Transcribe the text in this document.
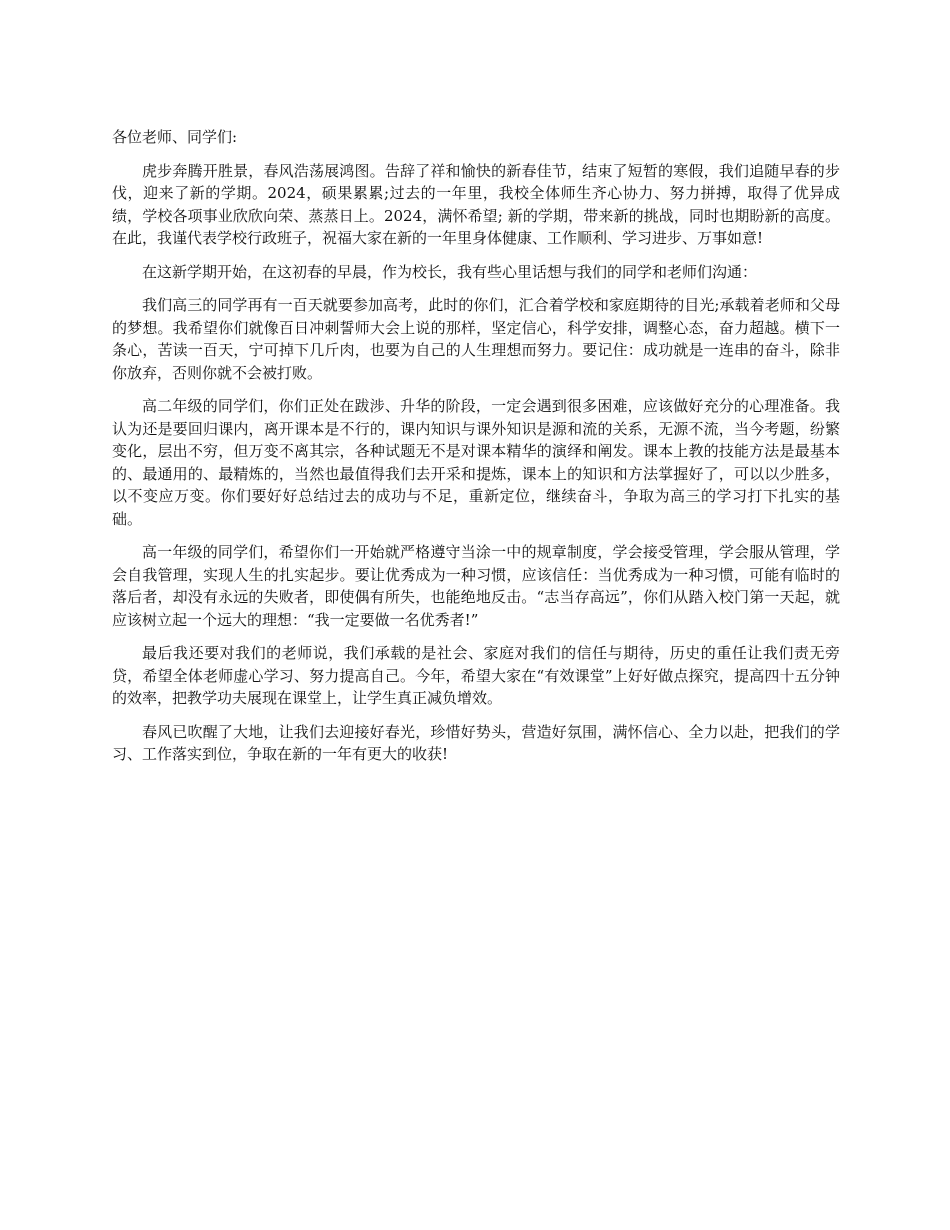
各位老师、同学们:

虎步奔腾开胜景，春风浩荡展鸿图。告辞了祥和愉快的新春佳节，结束了短暂的寒假，我们追随早春的步伐，迎来了新的学期。2024，硕果累累;过去的一年里，我校全体师生齐心协力、努力拼搏，取得了优异成绩，学校各项事业欣欣向荣、蒸蒸日上。2024，满怀希望; 新的学期，带来新的挑战，同时也期盼新的高度。在此，我谨代表学校行政班子，祝福大家在新的一年里身体健康、工作顺利、学习进步、万事如意!

在这新学期开始，在这初春的早晨，作为校长，我有些心里话想与我们的同学和老师们沟通：

我们高三的同学再有一百天就要参加高考，此时的你们，汇合着学校和家庭期待的目光;承载着老师和父母的梦想。我希望你们就像百日冲刺誓师大会上说的那样，坚定信心，科学安排，调整心态，奋力超越。横下一条心，苦读一百天，宁可掉下几斤肉，也要为自己的人生理想而努力。要记住：成功就是一连串的奋斗，除非你放弃，否则你就不会被打败。

高二年级的同学们，你们正处在跋涉、升华的阶段，一定会遇到很多困难，应该做好充分的心理准备。我认为还是要回归课内，离开课本是不行的，课内知识与课外知识是源和流的关系，无源不流，当今考题，纷繁变化，层出不穷，但万变不离其宗，各种试题无不是对课本精华的演绎和阐发。课本上教的技能方法是最基本的、最通用的、最精炼的，当然也最值得我们去开采和提炼，课本上的知识和方法掌握好了，可以以少胜多，以不变应万变。你们要好好总结过去的成功与不足，重新定位，继续奋斗，争取为高三的学习打下扎实的基础。

高一年级的同学们，希望你们一开始就严格遵守当涂一中的规章制度，学会接受管理，学会服从管理，学会自我管理，实现人生的扎实起步。要让优秀成为一种习惯，应该信任：当优秀成为一种习惯，可能有临时的落后者，却没有永远的失败者，即使偶有所失，也能绝地反击。“志当存高远”，你们从踏入校门第一天起，就应该树立起一个远大的理想：“我一定要做一名优秀者!”

最后我还要对我们的老师说，我们承载的是社会、家庭对我们的信任与期待，历史的重任让我们责无旁贷，希望全体老师虚心学习、努力提高自己。今年，希望大家在“有效课堂”上好好做点探究，提高四十五分钟的效率，把教学功夫展现在课堂上，让学生真正减负增效。

春风已吹醒了大地，让我们去迎接好春光，珍惜好势头，营造好氛围，满怀信心、全力以赴，把我们的学习、工作落实到位，争取在新的一年有更大的收获!
